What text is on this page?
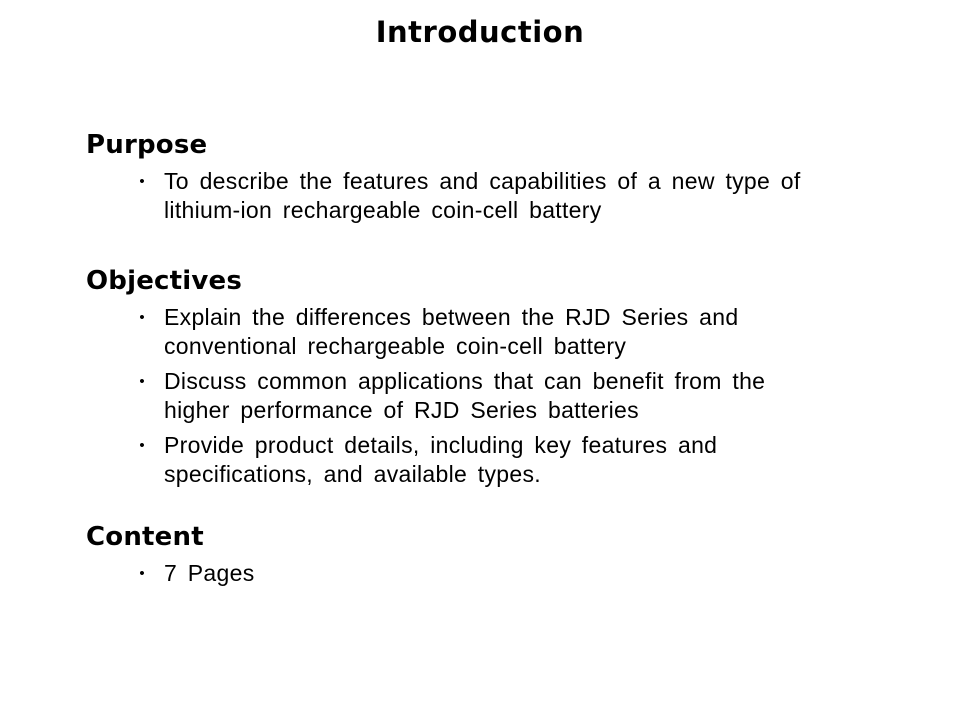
Introduction
Purpose
• To describe the features and capabilities of a new type of
lithium-ion rechargeable coin-cell battery
Objectives
• Explain the differences between the RJD Series and
conventional rechargeable coin-cell battery
• Discuss common applications that can benefit from the
higher performance of RJD Series batteries
• Provide product details, including key features and
specifications, and available types.
Content
• 7 Pages
